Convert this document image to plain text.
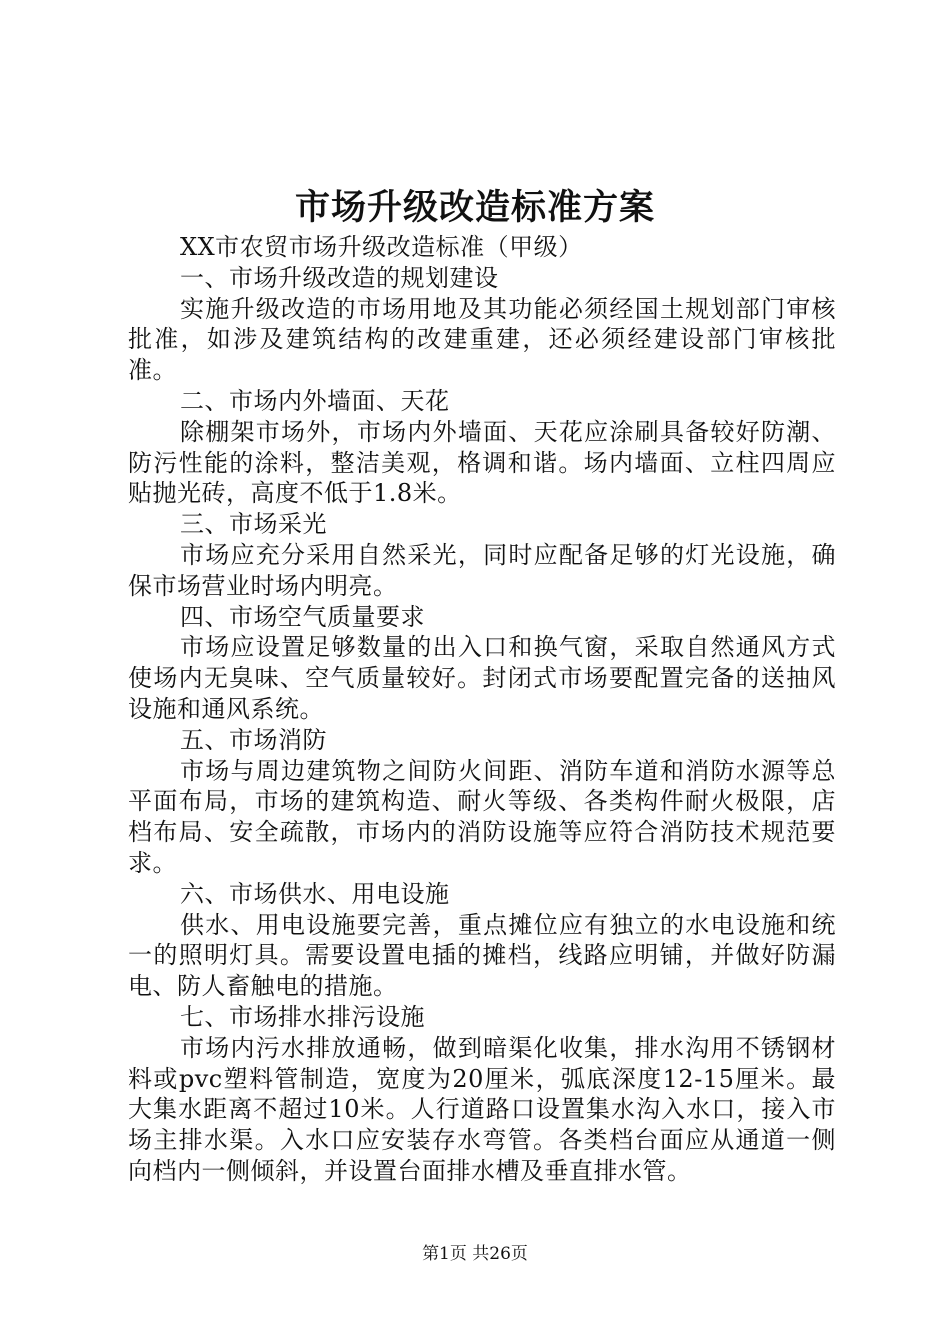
市场升级改造标准方案

XX市农贸市场升级改造标准（甲级）

一、市场升级改造的规划建设

实施升级改造的市场用地及其功能必须经国土规划部门审核批准，如涉及建筑结构的改建重建，还必须经建设部门审核批准。

二、市场内外墙面、天花

除棚架市场外，市场内外墙面、天花应涂刷具备较好防潮、防污性能的涂料，整洁美观，格调和谐。场内墙面、立柱四周应贴抛光砖，高度不低于1.8米。

三、市场采光

市场应充分采用自然采光，同时应配备足够的灯光设施，确保市场营业时场内明亮。

四、市场空气质量要求

市场应设置足够数量的出入口和换气窗，采取自然通风方式使场内无臭味、空气质量较好。封闭式市场要配置完备的送抽风设施和通风系统。

五、市场消防

市场与周边建筑物之间防火间距、消防车道和消防水源等总平面布局，市场的建筑构造、耐火等级、各类构件耐火极限，店档布局、安全疏散，市场内的消防设施等应符合消防技术规范要求。

六、市场供水、用电设施

供水、用电设施要完善，重点摊位应有独立的水电设施和统一的照明灯具。需要设置电插的摊档，线路应明铺，并做好防漏电、防人畜触电的措施。

七、市场排水排污设施

市场内污水排放通畅，做到暗渠化收集，排水沟用不锈钢材料或pvc塑料管制造，宽度为20厘米，弧底深度12-15厘米。最大集水距离不超过10米。人行道路口设置集水沟入水口，接入市场主排水渠。入水口应安装存水弯管。各类档台面应从通道一侧向档内一侧倾斜，并设置台面排水槽及垂直排水管。

第1页 共26页
